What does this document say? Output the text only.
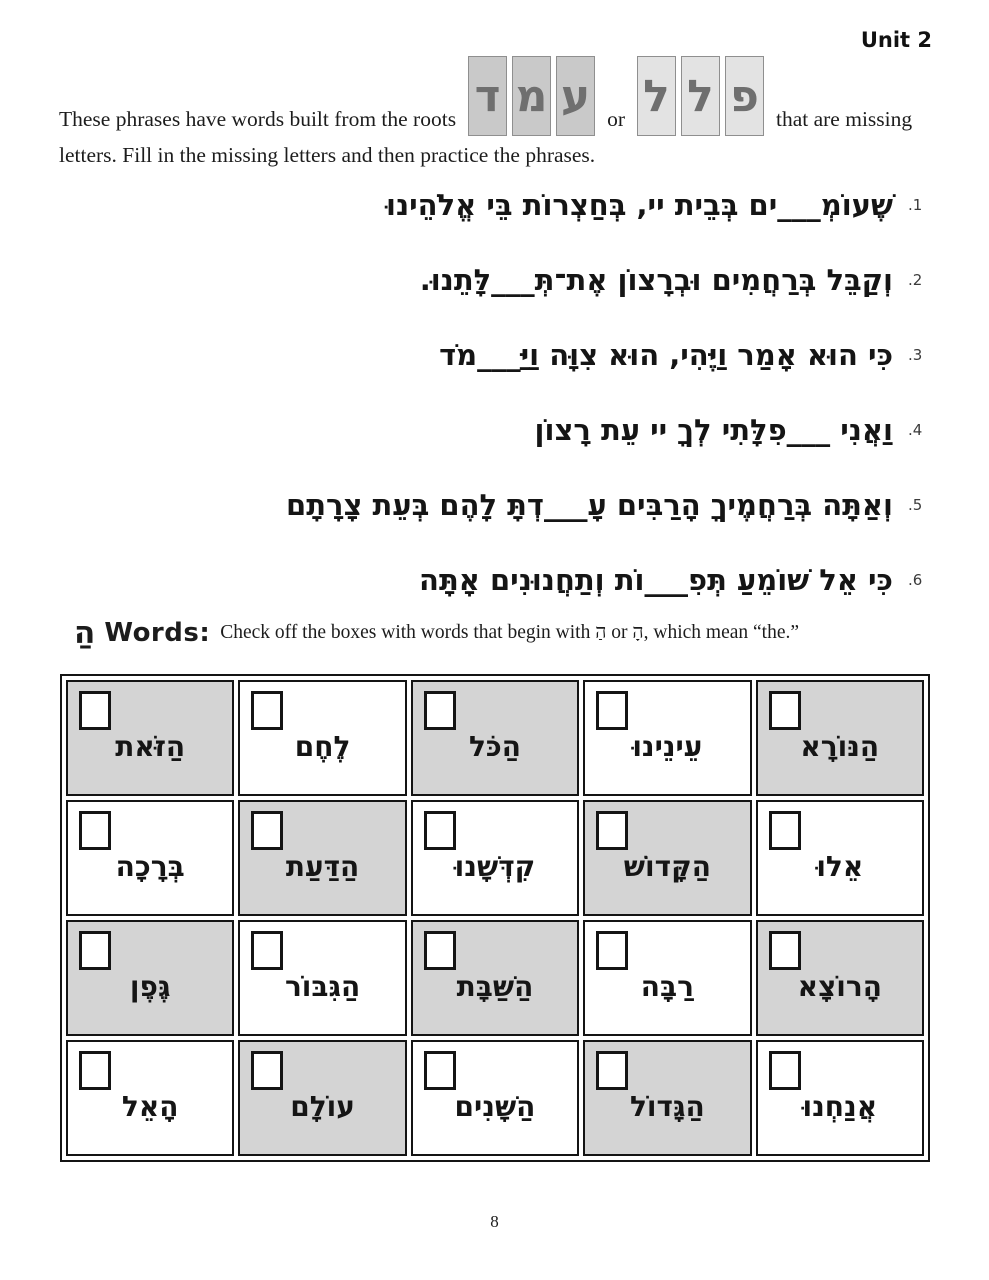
Unit 2
These phrases have words built from the roots ד מ ע or ל ל פ that are missing
letters. Fill in the missing letters and then practice the phrases.
שֶׁעוֹמְ___ים בְּבֵית יי, בְּחַצְרוֹת בֵּי אֱלֹהֵינוּ .1
וְקַבֵּל בְּרַחֲמִים וּבְרָצוֹן אֶת־תְּ___לָּתֵנוּ. .2
כִּי הוּא אָמַר וַיֶּהִי, הוּא צִוָּה וַיַּ___מֹד .3
וַאֲנִי ___פִלָּתִי לְךָ יי עֵת רָצוֹן .4
וְאַתָּה בְּרַחֲמֶיךָ הָרַבִּים עָ___דְתָּ לָהֶם בְּעֵת צָרָתָם .5
כִּי אֵל שׁוֹמֵעַ תְּפִ___וֹת וְתַחֲנוּנִים אָתָּה .6
הַ Words: Check off the boxes with words that begin with הַ or הָ, which mean “the.”
הַזֹּאת	לֶחֶם	הַכֹּל	עֵינֵינוּ	הַנּוֹרָא

בְּרָכָה	הַדַּעַת	קִדְּשָׁנוּ	הַקָּדוֹשׁ	אֵלוּ

גֶּפֶן	הַגִּבּוֹר	הַשַּׁבָּת	רַבָּה	הָרוֹצָא

הָאֵל	עוֹלָם	הַשָּׁנִים	הַגָּדוֹל	אֲנַחְנוּ
8
